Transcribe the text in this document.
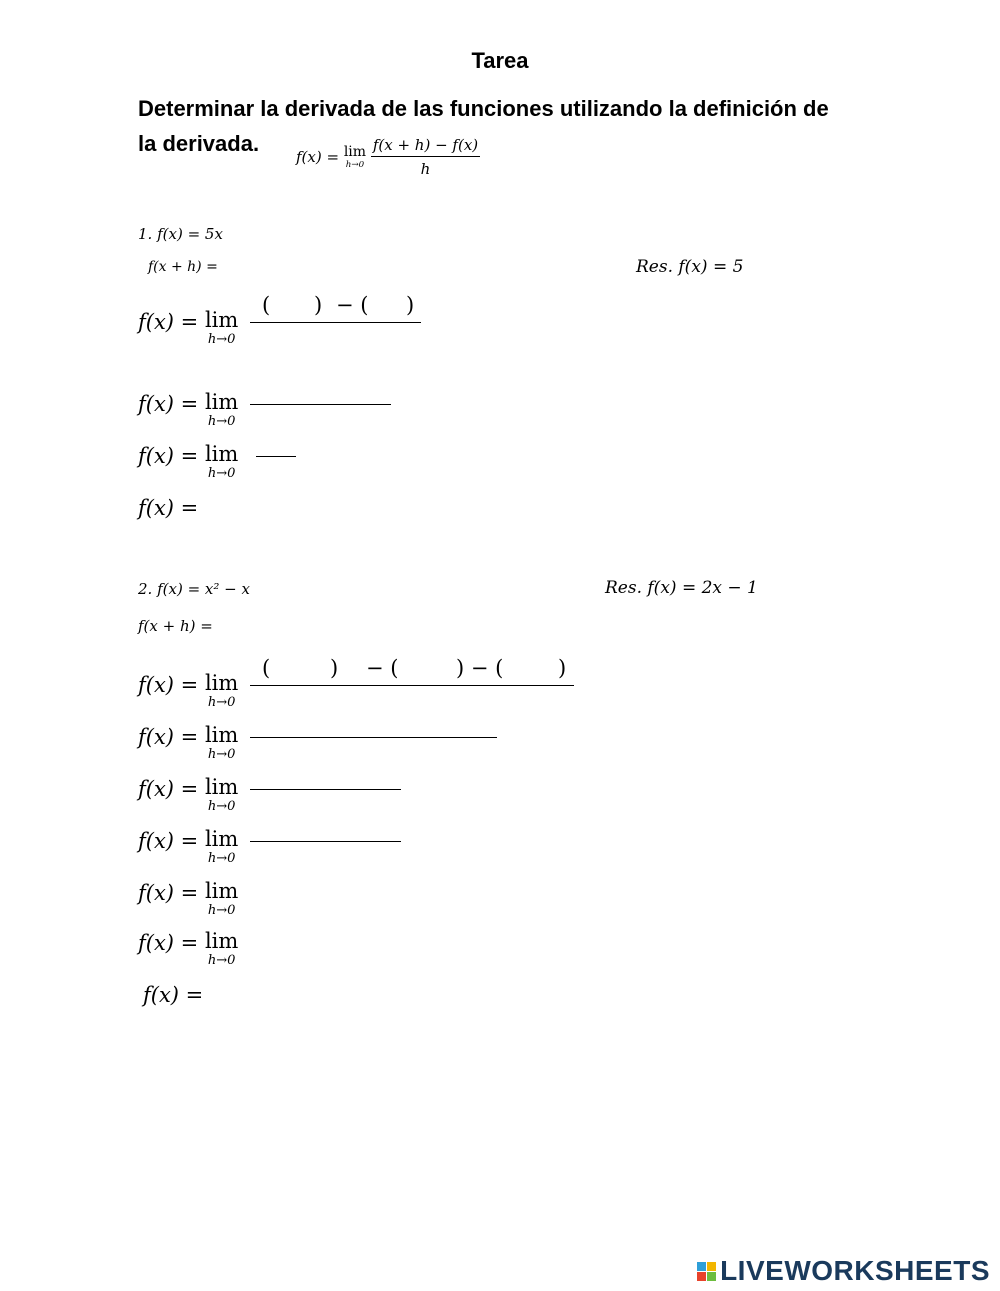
Tarea
Determinar la derivada de las funciones utilizando la definición de
la derivada.
f(x) = lim
h→0
$\frac{f(x + h) - f(x)}{h}$
1. f(x) = 5x
f(x + h) =	Res. f(x) = 5
f(x) = lim
h→0
( ) − ( )
f(x) = lim
h→0
f(x) = lim
h→0
f(x) =
2. f(x) = x² − x
f(x + h) =
Res. f(x) = 2x − 1
f(x) = lim
h→0
(	) − (	) − (	)
f(x) = lim
h→0
f(x) = lim
h→0
f(x) = lim
h→0
f(x) = lim
h→0
f(x) = lim
h→0
f(x) =
LIVEWORKSHEETS
